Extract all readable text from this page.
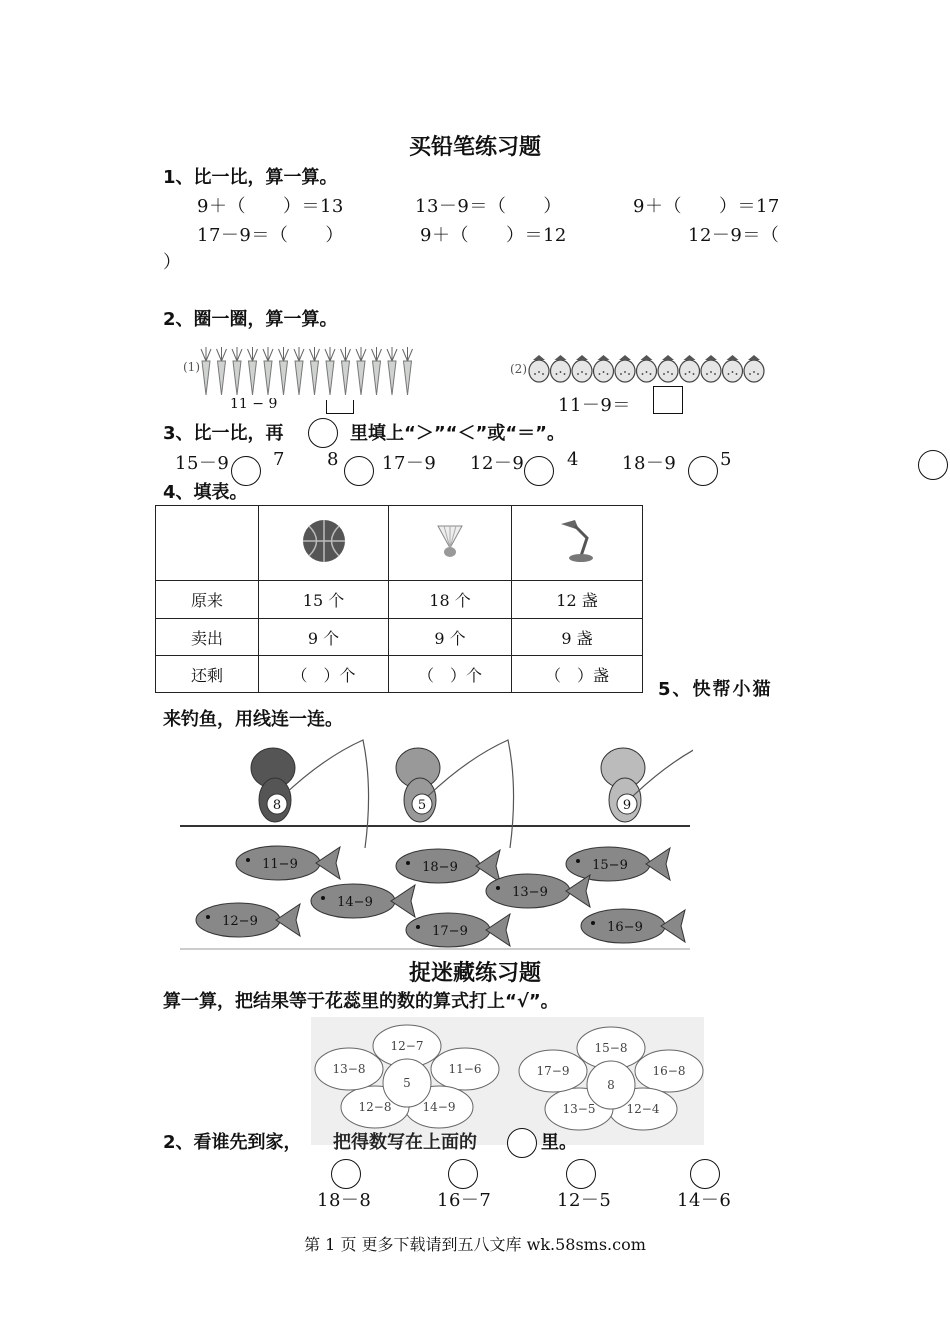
买铅笔练习题
1、比一比，算一算。
9＋（　　）＝13	13－9＝（　　）	9＋（　　）＝17
17－9＝（　　）	9＋（　　）＝12	12－9＝（
）
2、圈一圈，算一算。
(1)
11 − 9
(2)
11－9＝
3、比一比，再	里填上“＞”“＜”或“＝”。
15－9 7 8 17－9 12－9 4 18－9 5
4、填表。

原来	15 个	18 个	12 盏
卖出	9 个	9 个	9 盏
还剩	（　）个	（　）个	（　）盏
5、快帮小猫
来钓鱼，用线连一连。
8	5	9
11−9	18−9	15−9
14−9
13−9
12−9
17−9	16−9
捉迷藏练习题
算一算，把结果等于花蕊里的数的算式打上“√”。
12−7
11−6
14−9
12−8
13−8
5
15−8
16−8
12−4
13−5
17−9
8
2、看谁先到家， 把得数写在上面的	里。
18－8	16－7	12－5	14－6
第 1 页 更多下载请到五八文库 wk.58sms.com
